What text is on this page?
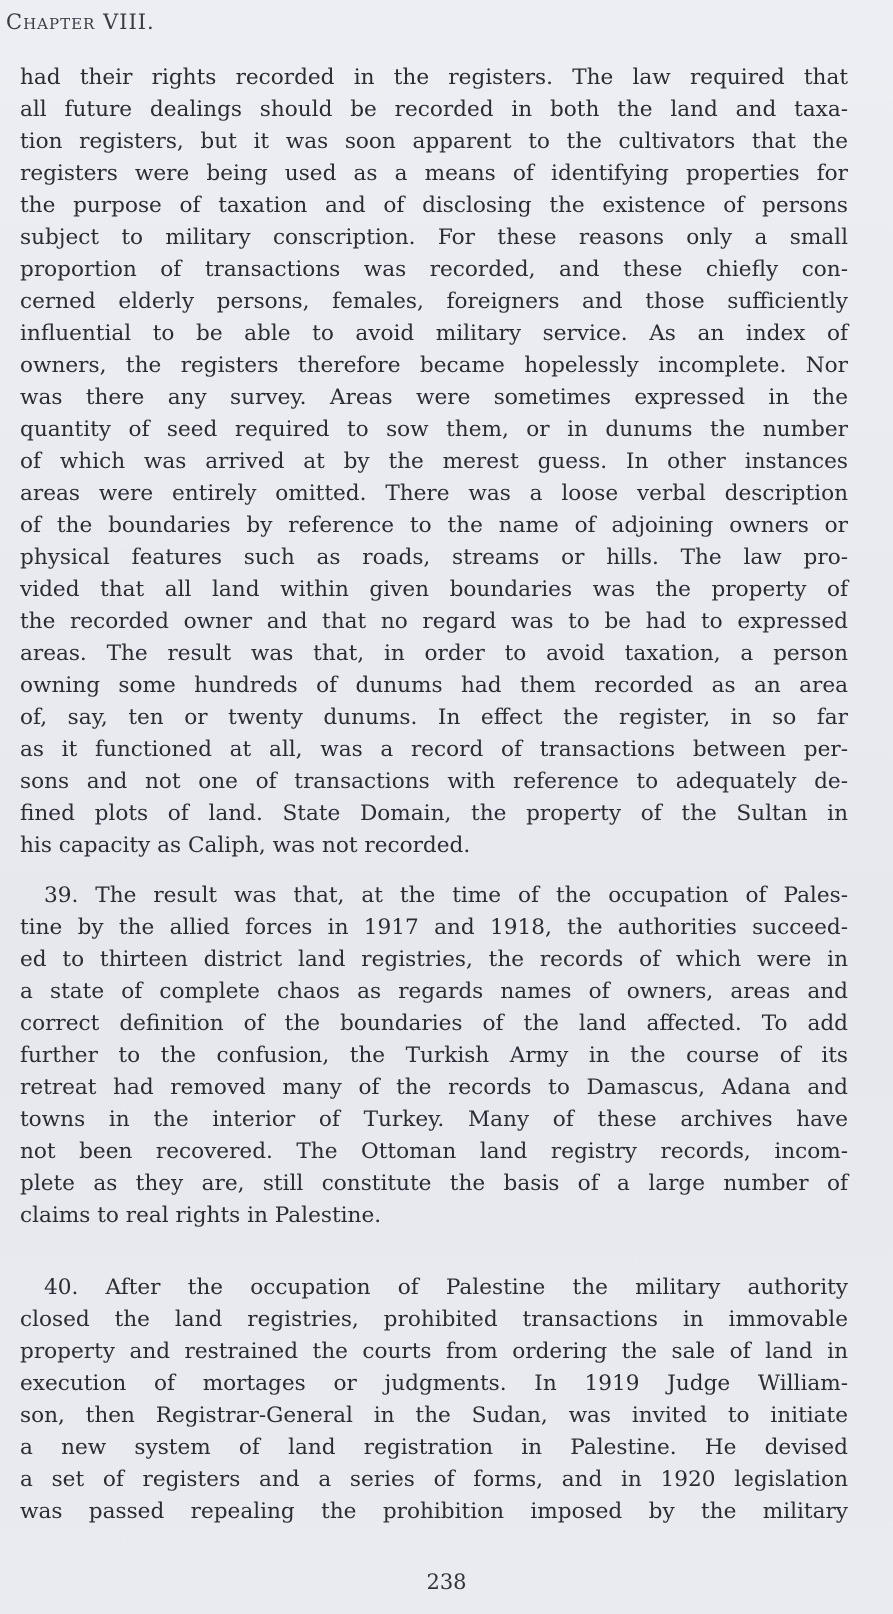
Chapter VIII.
had their rights recorded in the registers. The law required that
all future dealings should be recorded in both the land and taxa-
tion registers, but it was soon apparent to the cultivators that the
registers were being used as a means of identifying properties for
the purpose of taxation and of disclosing the existence of persons
subject to military conscription. For these reasons only a small
proportion of transactions was recorded, and these chiefly con-
cerned elderly persons, females, foreigners and those sufficiently
influential to be able to avoid military service. As an index of
owners, the registers therefore became hopelessly incomplete. Nor
was there any survey. Areas were sometimes expressed in the
quantity of seed required to sow them, or in dunums the number
of which was arrived at by the merest guess. In other instances
areas were entirely omitted. There was a loose verbal description
of the boundaries by reference to the name of adjoining owners or
physical features such as roads, streams or hills. The law pro-
vided that all land within given boundaries was the property of
the recorded owner and that no regard was to be had to expressed
areas. The result was that, in order to avoid taxation, a person
owning some hundreds of dunums had them recorded as an area
of, say, ten or twenty dunums. In effect the register, in so far
as it functioned at all, was a record of transactions between per-
sons and not one of transactions with reference to adequately de-
fined plots of land. State Domain, the property of the Sultan in
his capacity as Caliph, was not recorded.
39. The result was that, at the time of the occupation of Pales-
tine by the allied forces in 1917 and 1918, the authorities succeed-
ed to thirteen district land registries, the records of which were in
a state of complete chaos as regards names of owners, areas and
correct definition of the boundaries of the land affected. To add
further to the confusion, the Turkish Army in the course of its
retreat had removed many of the records to Damascus, Adana and
towns in the interior of Turkey. Many of these archives have
not been recovered. The Ottoman land registry records, incom-
plete as they are, still constitute the basis of a large number of
claims to real rights in Palestine.
40. After the occupation of Palestine the military authority
closed the land registries, prohibited transactions in immovable
property and restrained the courts from ordering the sale of land in
execution of mortages or judgments. In 1919 Judge William-
son, then Registrar-General in the Sudan, was invited to initiate
a new system of land registration in Palestine. He devised
a set of registers and a series of forms, and in 1920 legislation
was passed repealing the prohibition imposed by the military
238
